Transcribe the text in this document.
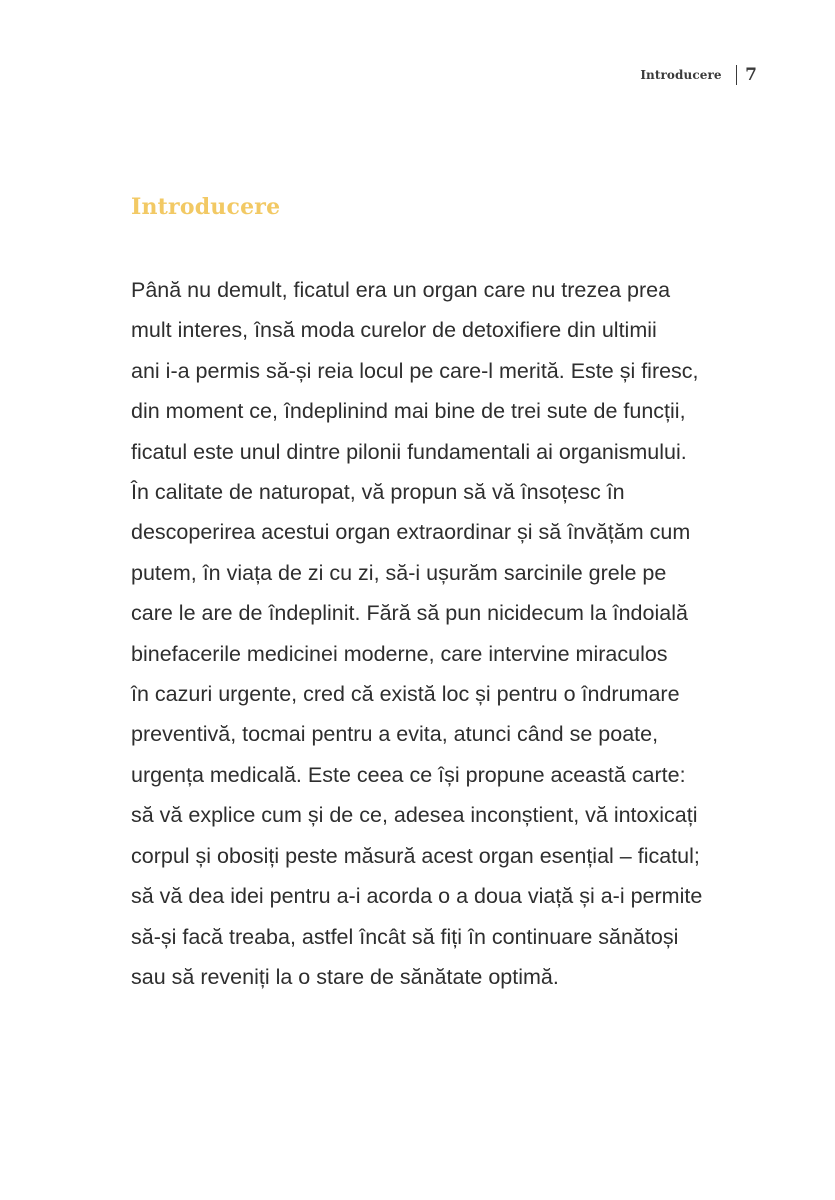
Introducere 7
Introducere

Până nu demult, ficatul era un organ care nu trezea prea
mult interes, însă moda curelor de detoxifiere din ultimii
ani i-a permis să-și reia locul pe care-l merită. Este și firesc,
din moment ce, îndeplinind mai bine de trei sute de funcții,
ficatul este unul dintre pilonii fundamentali ai organismului.
În calitate de naturopat, vă propun să vă însoțesc în
descoperirea acestui organ extraordinar și să învățăm cum
putem, în viața de zi cu zi, să-i ușurăm sarcinile grele pe
care le are de îndeplinit. Fără să pun nicidecum la îndoială
binefacerile medicinei moderne, care intervine miraculos
în cazuri urgente, cred că există loc și pentru o îndrumare
preventivă, tocmai pentru a evita, atunci când se poate,
urgența medicală. Este ceea ce își propune această carte:
să vă explice cum și de ce, adesea inconștient, vă intoxicați
corpul și obosiți peste măsură acest organ esențial – ficatul;
să vă dea idei pentru a-i acorda o a doua viață și a-i permite
să-și facă treaba, astfel încât să fiți în continuare sănătoși
sau să reveniți la o stare de sănătate optimă.
